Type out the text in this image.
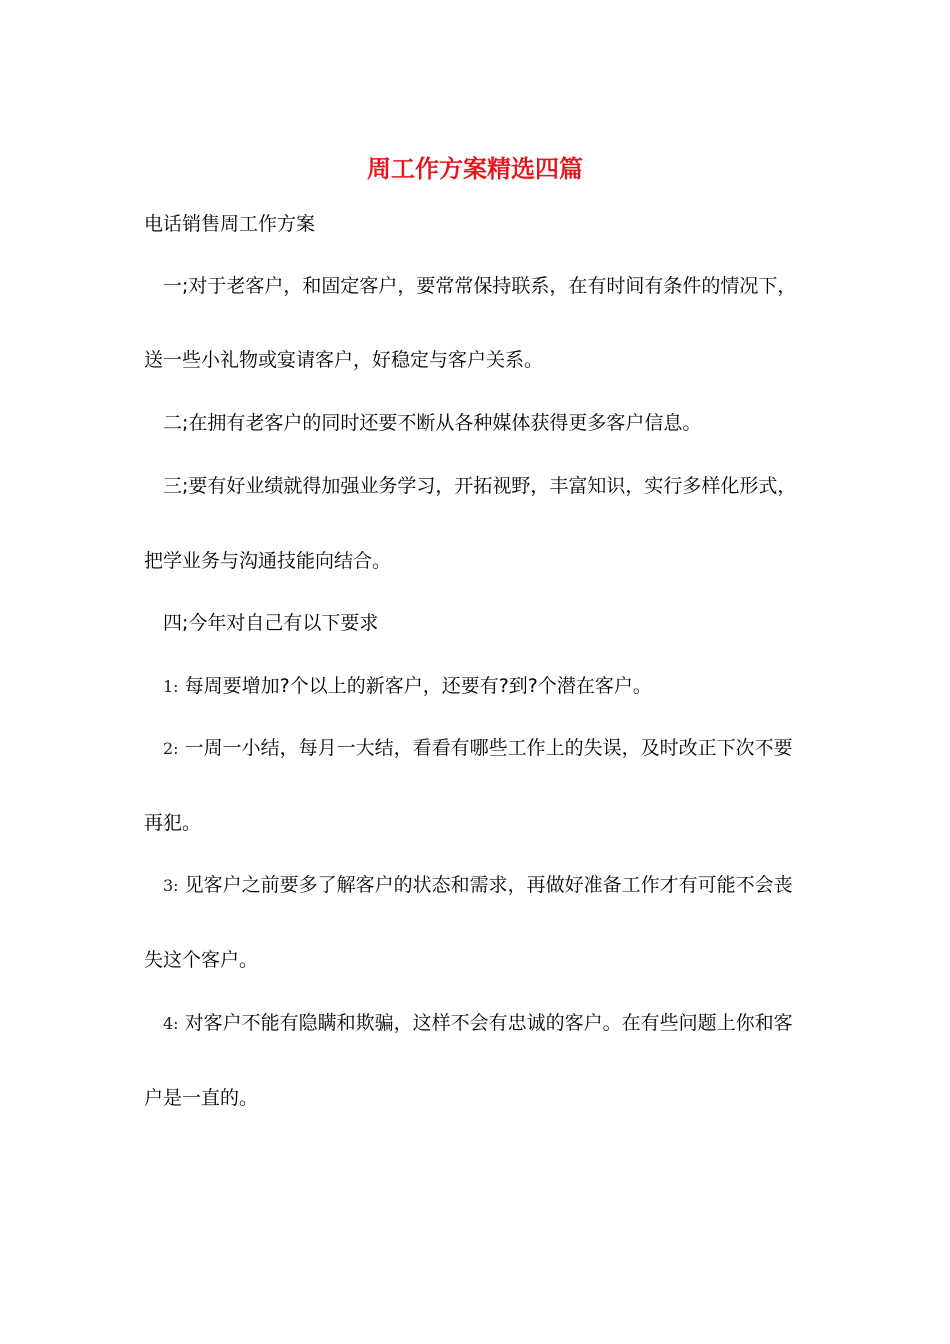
周工作方案精选四篇
电话销售周工作方案
一;对于老客户，和固定客户，要常常保持联系，在有时间有条件的情况下，
送一些小礼物或宴请客户，好稳定与客户关系。
二;在拥有老客户的同时还要不断从各种媒体获得更多客户信息。
三;要有好业绩就得加强业务学习，开拓视野，丰富知识，实行多样化形式，
把学业务与沟通技能向结合。
四;今年对自己有以下要求
1: 每周要增加?个以上的新客户，还要有?到?个潜在客户。
2: 一周一小结，每月一大结，看看有哪些工作上的失误，及时改正下次不要
再犯。
3: 见客户之前要多了解客户的状态和需求，再做好准备工作才有可能不会丧
失这个客户。
4: 对客户不能有隐瞒和欺骗，这样不会有忠诚的客户。在有些问题上你和客
户是一直的。
